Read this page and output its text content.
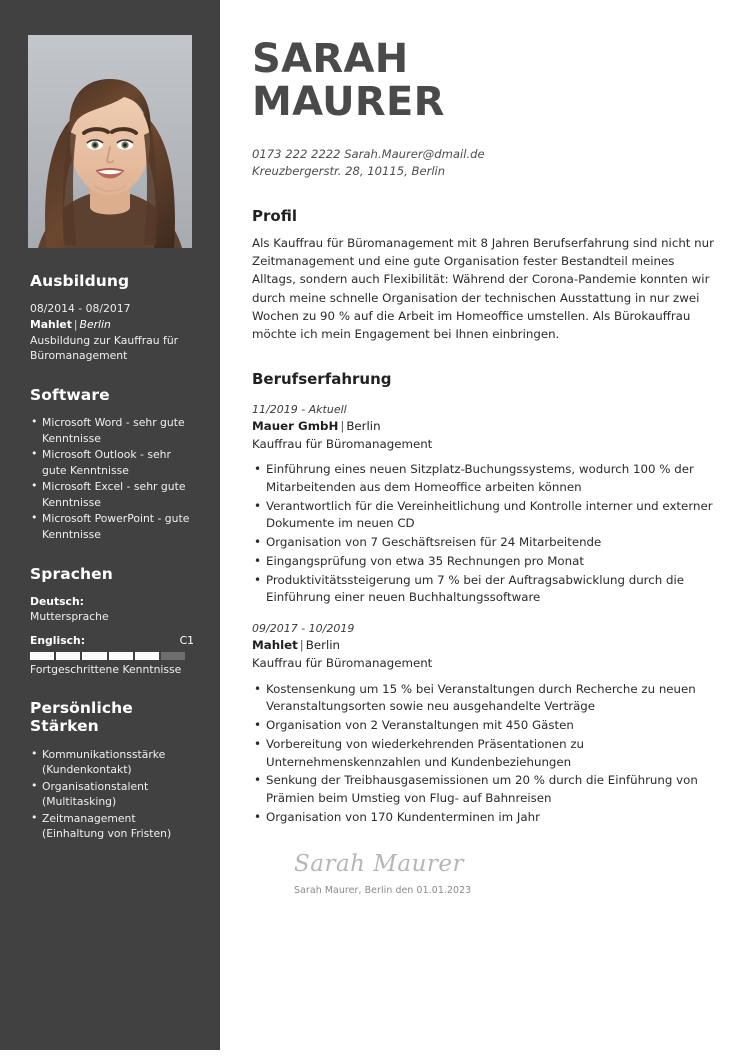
Ausbildung
08/2014 - 08/2017
Mahlet | Berlin
Ausbildung zur Kauffrau für Büromanagement
Software
• Microsoft Word - sehr gute Kenntnisse
• Microsoft Outlook - sehr gute Kenntnisse
• Microsoft Excel - sehr gute Kenntnisse
• Microsoft PowerPoint - gute Kenntnisse
Sprachen
Deutsch:
Muttersprache
Englisch:	C1
Fortgeschrittene Kenntnisse
Persönliche Stärken
• Kommunikationsstärke (Kundenkontakt)
• Organisationstalent (Multitasking)
• Zeitmanagement (Einhaltung von Fristen)
SARAH
MAURER
0173 222 2222 Sarah.Maurer@dmail.de
Kreuzbergerstr. 28, 10115, Berlin
Profil

Als Kauffrau für Büromanagement mit 8 Jahren Berufserfahrung sind nicht nur Zeitmanagement und eine gute Organisation fester Bestandteil meines Alltags, sondern auch Flexibilität: Während der Corona-Pandemie konnten wir durch meine schnelle Organisation der technischen Ausstattung in nur zwei Wochen zu 90 % auf die Arbeit im Homeoffice umstellen. Als Bürokauffrau möchte ich mein Engagement bei Ihnen einbringen.

Berufserfahrung
11/2019 - Aktuell
Mauer GmbH | Berlin
Kauffrau für Büromanagement
• Einführung eines neuen Sitzplatz-Buchungssystems, wodurch 100 % der Mitarbeitenden aus dem Homeoffice arbeiten können
• Verantwortlich für die Vereinheitlichung und Kontrolle interner und externer Dokumente im neuen CD
• Organisation von 7 Geschäftsreisen für 24 Mitarbeitende
• Eingangsprüfung von etwa 35 Rechnungen pro Monat
• Produktivitätssteigerung um 7 % bei der Auftragsabwicklung durch die Einführung einer neuen Buchhaltungssoftware
09/2017 - 10/2019
Mahlet | Berlin
Kauffrau für Büromanagement
• Kostensenkung um 15 % bei Veranstaltungen durch Recherche zu neuen Veranstaltungsorten sowie neu ausgehandelte Verträge
• Organisation von 2 Veranstaltungen mit 450 Gästen
• Vorbereitung von wiederkehrenden Präsentationen zu Unternehmenskennzahlen und Kundenbeziehungen
• Senkung der Treibhausgasemissionen um 20 % durch die Einführung von Prämien beim Umstieg von Flug- auf Bahnreisen
• Organisation von 170 Kundenterminen im Jahr
Sarah Maurer
Sarah Maurer, Berlin den 01.01.2023
